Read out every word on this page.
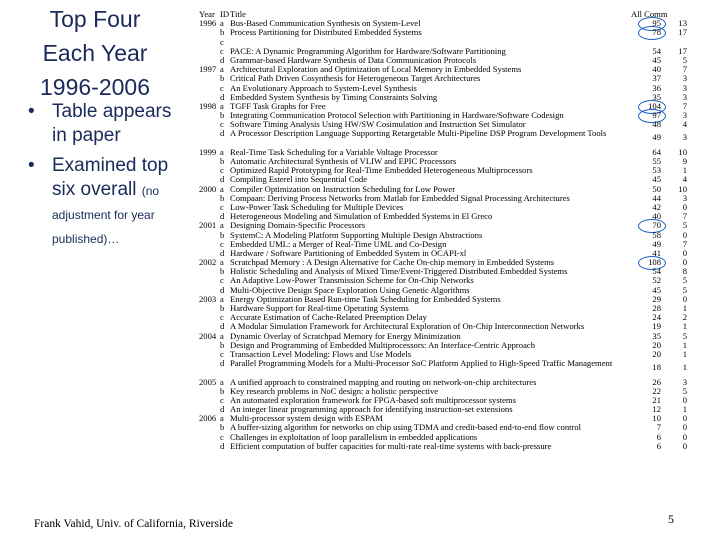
Top Four
Each Year
1996-2006
• Table appears in paper
• Examined top six overall (no adjustment for year published)…
Year ID Title	All Comm
1996 a Bus-Based Communication Synthesis on System-Level	95	13
b Process Partitioning for Distributed Embedded Systems	78	17
c
c PACE: A Dynamic Programming Algorithm for Hardware/Software Partitioning	54	17
d Grammar-based Hardware Synthesis of Data Communication Protocols	45	5
1997 a Architectural Exploration and Optimization of Local Memory in Embedded Systems	40	7
b Critical Path Driven Cosynthesis for Heterogeneous Target Architectures	37	3
c An Evolutionary Approach to System-Level Synthesis	36	3
d Embedded System Synthesis by Timing Constraints Solving	35	3
1998 a TGFF Task Graphs for Free	104	7
b Integrating Communication Protocol Selection with Partitioning in Hardware/Software Codesign	97	3
c Software Timing Analysis Using HW/SW Cosimulation and Instruction Set Simulator	48	4
d A Processor Description Language Supporting Retargetable Multi-Pipeline DSP Program Development Tools	49	3
1999 a Real-Time Task Scheduling for a Variable Voltage Processor	64	10
b Automatic Architectural Synthesis of VLIW and EPIC Processors	55	9
c Optimized Rapid Prototyping for Real-Time Embedded Heterogeneous Multiprocessors	53	1
d Compiling Esterel into Sequential Code	45	4
2000 a Compiler Optimization on Instruction Scheduling for Low Power	50	10
b Compaan: Deriving Process Networks from Matlab for Embedded Signal Processing Architectures	44	3
c Low-Power Task Scheduling for Multiple Devices	42	0
d Heterogeneous Modeling and Simulation of Embedded Systems in El Greco	40	7
2001 a Designing Domain-Specific Processors	70	5
b SystemC: A Modeling Platform Supporting Multiple Design Abstractions	58	0
c Embedded UML: a Merger of Real-Time UML and Co-Design	49	7
d Hardware / Software Partitioning of Embedded System in OCAPI-xl	41	0
2002 a Scratchpad Memory : A Design Alternative for Cache On-chip memory in Embedded Systems	108	0
b Holistic Scheduling and Analysis of Mixed Time/Event-Triggered Distributed Embedded Systems	54	8
c An Adaptive Low-Power Transmission Scheme for On-Chip Networks	52	5
d Multi-Objective Design Space Exploration Using Genetic Algorithms	45	5
2003 a Energy Optimization Based Run-time Task Scheduling for Embedded Systems	29	0
b Hardware Support for Real-time Operating Systems	28	1
c Accurate Estimation of Cache-Related Preemption Delay	24	2
d A Modular Simulation Framework for Architectural Exploration of On-Chip Interconnection Networks	19	1
2004 a Dynamic Overlay of Scratchpad Memory for Energy Minimization	35	5
b Design and Programming of Embedded Multiprocessors: An Interface-Centric Approach	20	1
c Transaction Level Modeling: Flows and Use Models	20	1
d Parallel Programming Models for a Multi-Processor SoC Platform Applied to High-Speed Traffic Management	18	1
2005 a A unified approach to constrained mapping and routing on network-on-chip architectures	26	3
b Key research problems in NoC design: a holistic perspective	22	5
c An automated exploration framework for FPGA-based soft multiprocessor systems	21	0
d An integer linear programming approach for identifying instruction-set extensions	12	1
2006 a Multi-processor system design with ESPAM	10	0
b A buffer-sizing algorithm for networks on chip using TDMA and credit-based end-to-end flow control	7	0
c Challenges in exploitation of loop parallelism in embedded applications	6	0
d Efficient computation of buffer capacities for multi-rate real-time systems with back-pressure	6	0
Frank Vahid, Univ. of California, Riverside	5
